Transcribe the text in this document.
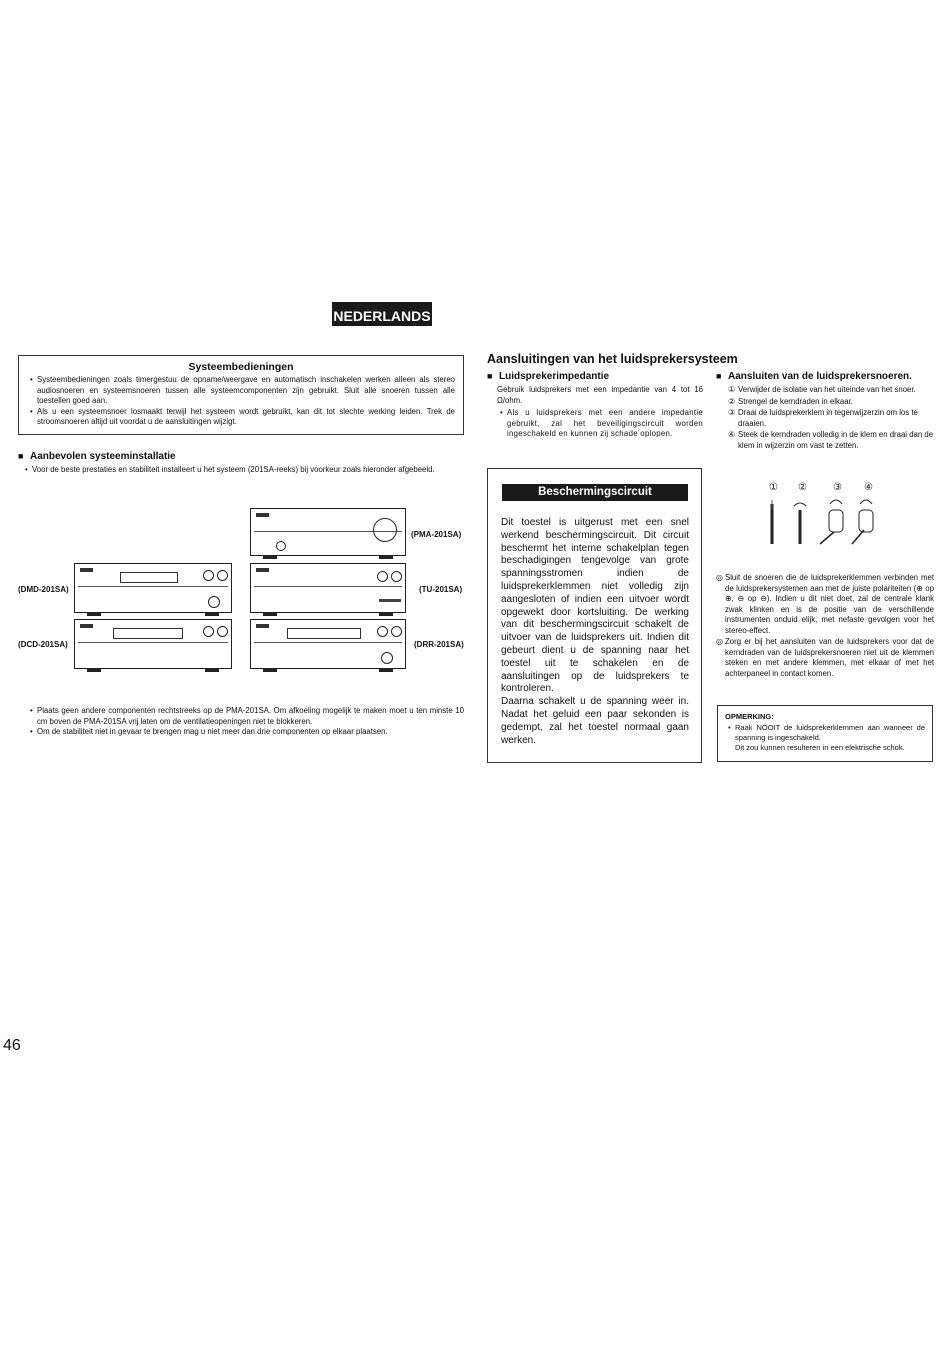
NEDERLANDS
Systeembedieningen

• Systeembedieningen zoals timergestuu de opname/weergave en automatisch inschakelen werken alleen als stereo audiosnoeren en systeemsnoeren tussen alle systeemcomponenten zijn gebruikt. Sluit alle snoeren tussen alle toestellen goed aan.

• Als u een systeemsnoer losmaakt terwijl het systeem wordt gebruikt, kan dit tot slechte werking leiden. Trek de stroomsnoeren altijd uit voordat u de aansluitingen wijzigt.

■ Aanbevolen systeeminstallatie

• Voor de beste prestaties en stabiliteit installeert u het systeem (201SA-reeks) bij voorkeur zoals hieronder afgebeeld.

(PMA-201SA)
(DMD-201SA)	(TU-201SA)
(DCD-201SA)	(DRR-201SA)

• Plaats geen andere componenten rechtstreeks op de PMA-201SA. Om afkoeling mogelijk te maken moet u ten minste 10 cm boven de PMA-201SA vrij laten om de ventilatieopeningen niet te blokkeren.

• Om de stabiliteit niet in gevaar te brengen mag u niet meer dan drie componenten op elkaar plaatsen.

Aansluitingen van het luidsprekersysteem
■ Luidsprekerimpedantie
Gebruik luidsprekers met een impedantie van 4 tot 16 Ω/ohm.

• Als u luidsprekers met een andere impedantie gebruikt, zal het beveiligingscircuit worden ingeschakeld en kunnen zij schade oplopen.

■ Aansluiten van de luidsprekersnoeren.

① Verwijder de isolatie van het uiteinde van het snoer.

② Strengel de kerndraden in elkaar.

③ Draai de luidsprekerklem in tegenwijzerzin om los te draaien.

④ Steek de kerndraden volledig in de klem en draai dan de klem in wijzerzin om vast te zetten.

① ②	③ ④

◎ Sluit de snoeren die de luidsprekerklemmen verbinden met de luidsprekersystemen aan met de juiste polariteiten (⊕ op ⊕, ⊖ op ⊖). Indien u dit niet doet, zal de centrale klank zwak klinken en is de positie van de verschillende instrumenten onduid elijk, met nefaste gevolgen voor het stereo-effect.

◎ Zorg er bij het aansluiten van de luidsprekers voor dat de kerndraden van de luidsprekersnoeren niet uit de klemmen steken en met andere klemmen, met elkaar of met het achterpaneel in contact komen.

Beschermingscircuit

Dit toestel is uitgerust met een snel werkend beschermingscircuit. Dit circuit beschermt het interne schakelplan tegen beschadigingen tengevolge van grote spanningsstromen indien de luidsprekerklemmen niet volledig zijn aangesloten of indien een uitvoer wordt opgewekt door kortsluiting. De werking van dit beschermingscircuit schakelt de uitvoer van de luidsprekers uit. Indien dit gebeurt dient u de spanning naar het toestel uit te schakelen en de aansluitingen op de luidsprekers te kontroleren.

Daarna schakelt u de spanning weer in. Nadat het geluid een paar sekonden is gedempt, zal het toestel normaal gaan werken.

OPMERKING:

• Raak NOOIT de luidsprekerklemmen aan wanneer de spanning is ingeschakeld.

Dit zou kunnen resulteren in een elektrische schok.
46
